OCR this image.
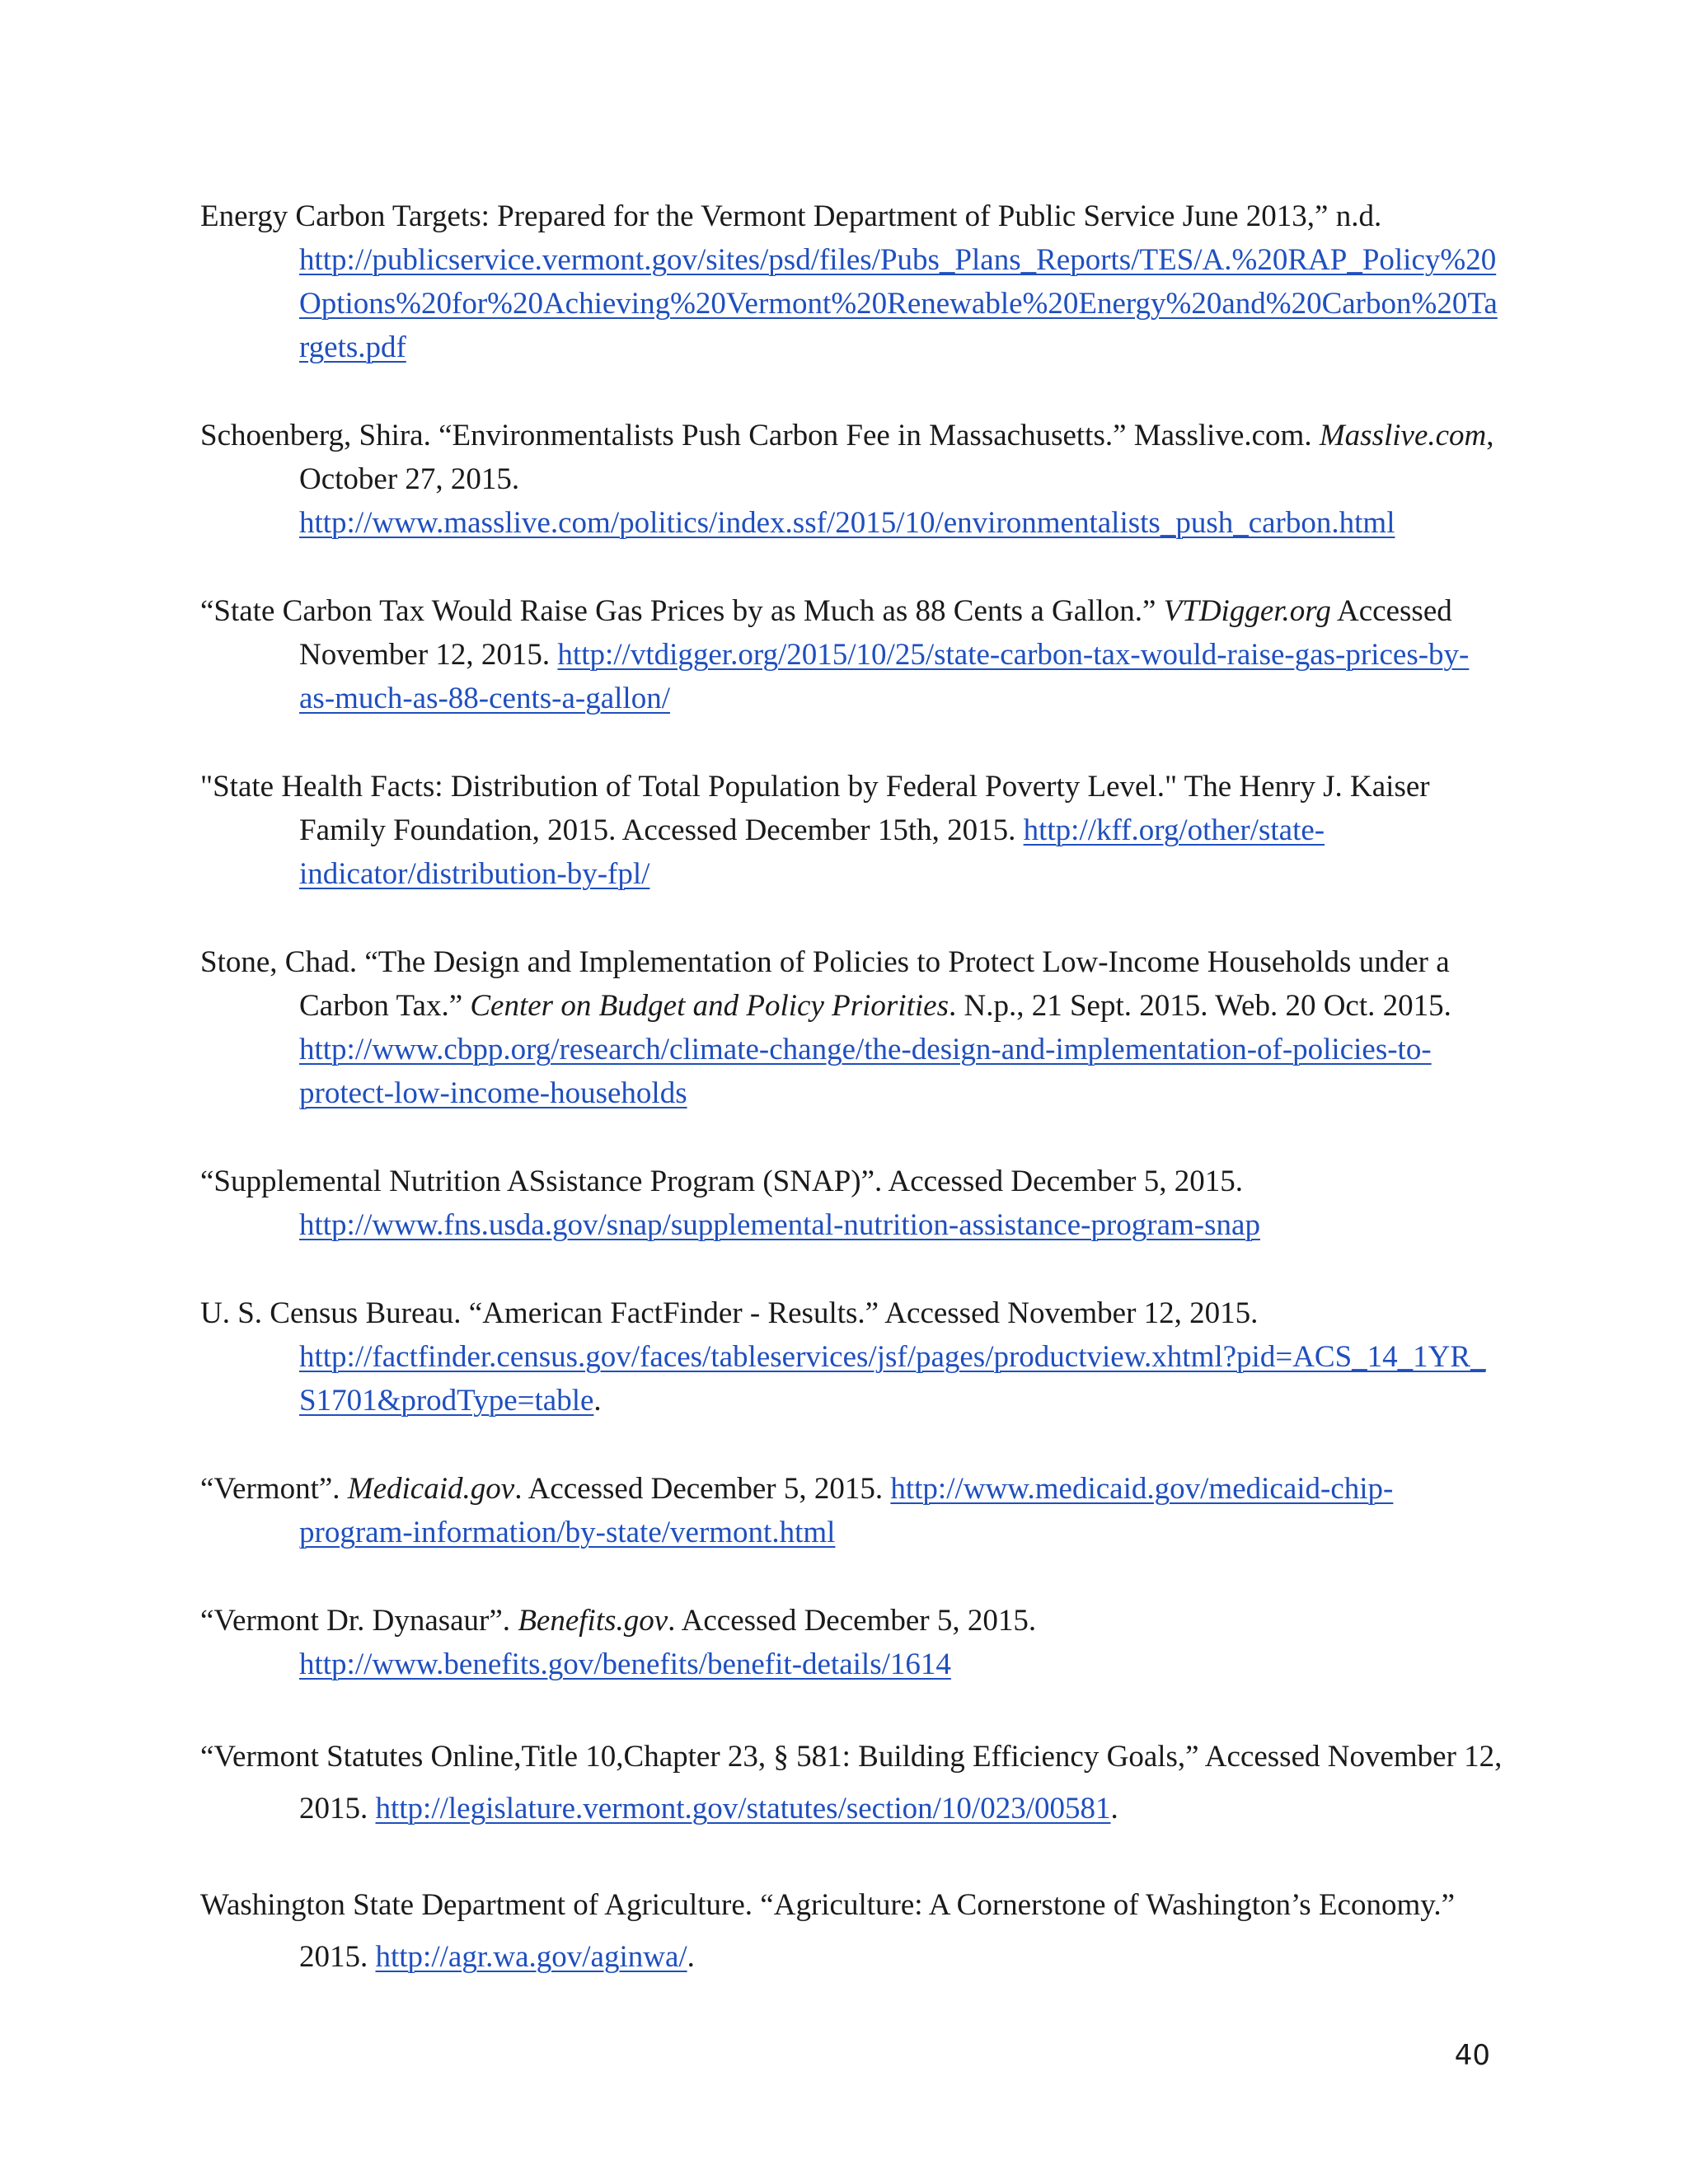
Energy Carbon Targets: Prepared for the Vermont Department of Public Service June 2013,” n.d.
http://publicservice.vermont.gov/sites/psd/files/Pubs_Plans_Reports/TES/A.%20RAP_Policy%20Options%20for%20Achieving%20Vermont%20Renewable%20Energy%20and%20Carbon%20Targets.pdf

Schoenberg, Shira. “Environmentalists Push Carbon Fee in Massachusetts.” Masslive.com. Masslive.com, October 27, 2015.
http://www.masslive.com/politics/index.ssf/2015/10/environmentalists_push_carbon.html

“State Carbon Tax Would Raise Gas Prices by as Much as 88 Cents a Gallon.” VTDigger.org Accessed November 12, 2015. http://vtdigger.org/2015/10/25/state-carbon-tax-would-raise-gas-prices-by-as-much-as-88-cents-a-gallon/

"State Health Facts: Distribution of Total Population by Federal Poverty Level." The Henry J. Kaiser Family Foundation, 2015. Accessed December 15th, 2015. http://kff.org/other/state-indicator/distribution-by-fpl/

Stone, Chad. “The Design and Implementation of Policies to Protect Low-Income Households under a Carbon Tax.” Center on Budget and Policy Priorities. N.p., 21 Sept. 2015. Web. 20 Oct. 2015. http://www.cbpp.org/research/climate-change/the-design-and-implementation-of-policies-to-protect-low-income-households

“Supplemental Nutrition ASsistance Program (SNAP)”. Accessed December 5, 2015.
http://www.fns.usda.gov/snap/supplemental-nutrition-assistance-program-snap

U. S. Census Bureau. “American FactFinder - Results.” Accessed November 12, 2015.
http://factfinder.census.gov/faces/tableservices/jsf/pages/productview.xhtml?pid=ACS_14_1YR_S1701&prodType=table.

“Vermont”. Medicaid.gov. Accessed December 5, 2015. http://www.medicaid.gov/medicaid-chip-program-information/by-state/vermont.html

“Vermont Dr. Dynasaur”. Benefits.gov. Accessed December 5, 2015.
http://www.benefits.gov/benefits/benefit-details/1614

“Vermont Statutes Online,Title 10,Chapter 23, § 581: Building Efficiency Goals,” Accessed November 12, 2015. http://legislature.vermont.gov/statutes/section/10/023/00581.

Washington State Department of Agriculture. “Agriculture: A Cornerstone of Washington’s Economy.” 2015. http://agr.wa.gov/aginwa/.

40
